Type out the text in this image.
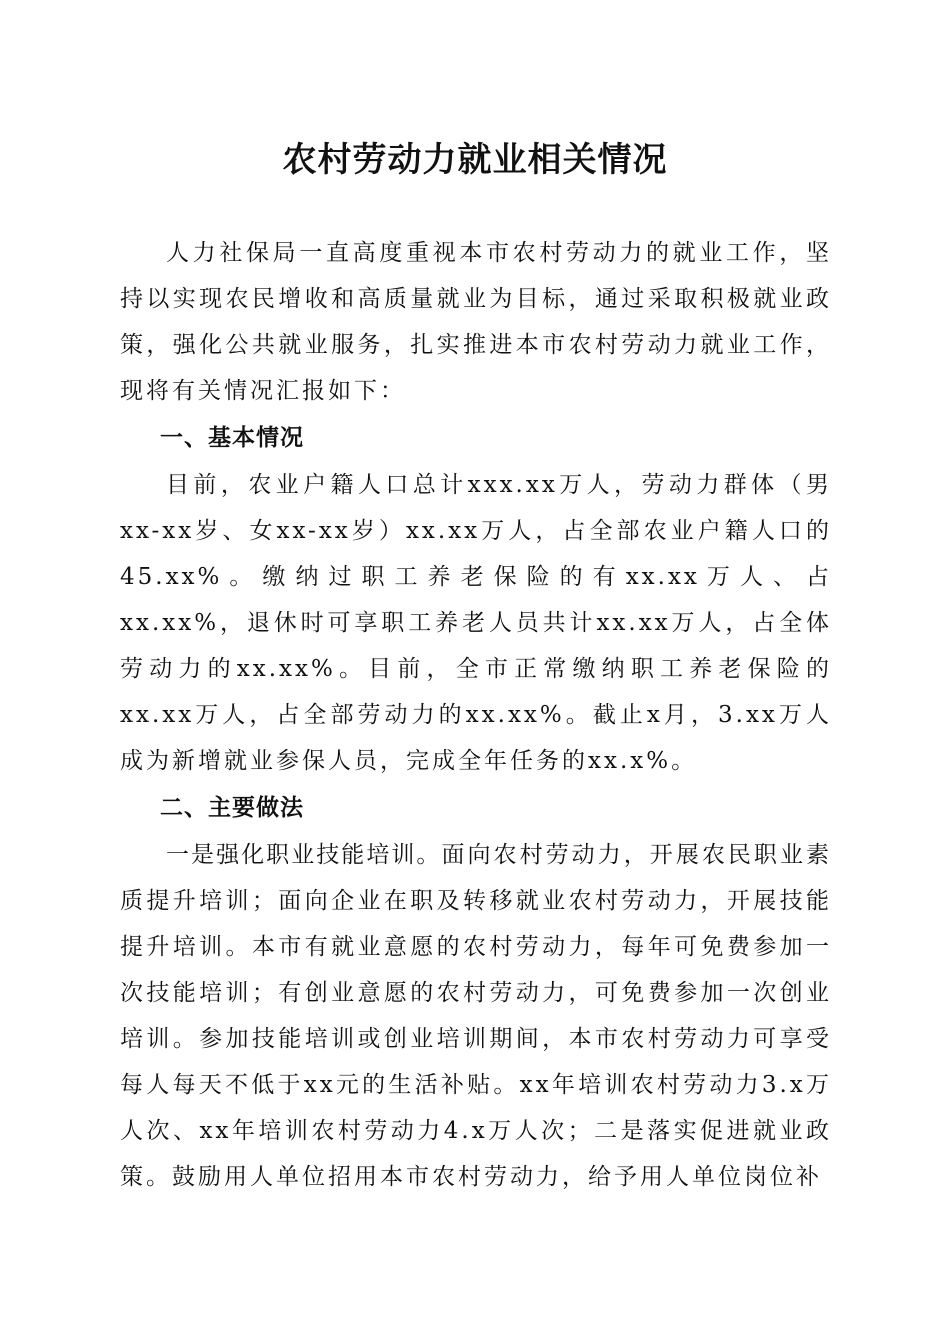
农村劳动力就业相关情况

人力社保局一直高度重视本市农村劳动力的就业工作，坚持以实现农民增收和高质量就业为目标，通过采取积极就业政策，强化公共就业服务，扎实推进本市农村劳动力就业工作，现将有关情况汇报如下：

一、基本情况

目前，农业户籍人口总计xxx.xx万人，劳动力群体（男xx-xx岁、女xx-xx岁）xx.xx万人，占全部农业户籍人口的45.xx%。缴纳过职工养老保险的有xx.xx万人、占xx.xx%，退休时可享职工养老人员共计xx.xx万人，占全体劳动力的xx.xx%。目前，全市正常缴纳职工养老保险的xx.xx万人，占全部劳动力的xx.xx%。截止x月，3.xx万人成为新增就业参保人员，完成全年任务的xx.x%。

二、主要做法

一是强化职业技能培训。面向农村劳动力，开展农民职业素质提升培训；面向企业在职及转移就业农村劳动力，开展技能提升培训。本市有就业意愿的农村劳动力，每年可免费参加一次技能培训；有创业意愿的农村劳动力，可免费参加一次创业培训。参加技能培训或创业培训期间，本市农村劳动力可享受每人每天不低于xx元的生活补贴。xx年培训农村劳动力3.x万人次、xx年培训农村劳动力4.x万人次；二是落实促进就业政策。鼓励用人单位招用本市农村劳动力，给予用人单位岗位补
